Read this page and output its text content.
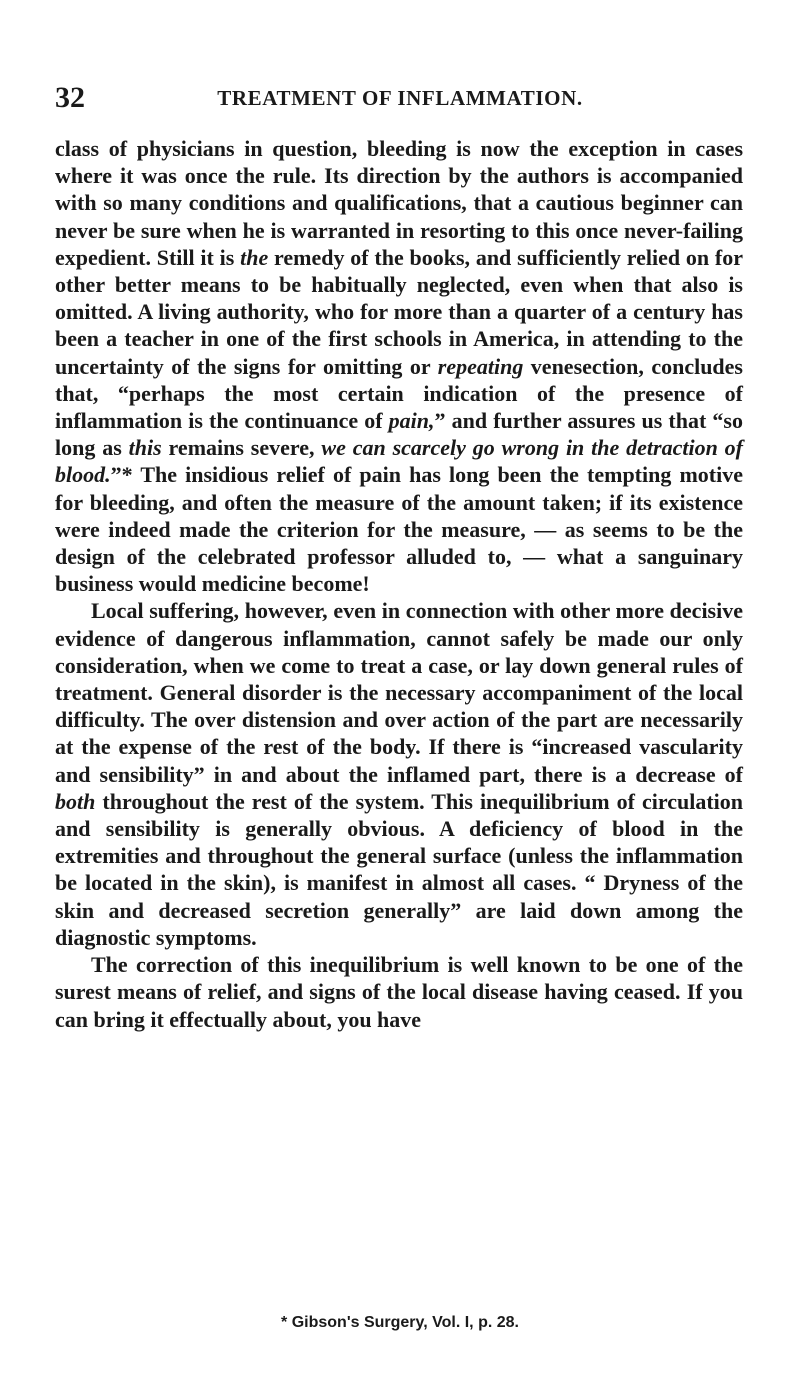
32	TREATMENT OF INFLAMMATION.

class of physicians in question, bleeding is now the exception in cases where it was once the rule. Its direction by the authors is accompanied with so many conditions and qualifications, that a cautious beginner can never be sure when he is warranted in resorting to this once never-failing expedient. Still it is the remedy of the books, and sufficiently relied on for other better means to be habitually neglected, even when that also is omitted. A living authority, who for more than a quarter of a century has been a teacher in one of the first schools in America, in attending to the uncertainty of the signs for omitting or repeating venesection, concludes that, “perhaps the most certain indication of the presence of inflammation is the continuance of pain,” and further assures us that “so long as this remains severe, we can scarcely go wrong in the detraction of blood.”* The insidious relief of pain has long been the tempting motive for bleeding, and often the measure of the amount taken; if its existence were indeed made the criterion for the measure, — as seems to be the design of the celebrated professor alluded to, — what a sanguinary business would medicine become!

Local suffering, however, even in connection with other more decisive evidence of dangerous inflammation, cannot safely be made our only consideration, when we come to treat a case, or lay down general rules of treatment. General disorder is the necessary accompaniment of the local difficulty. The over distension and over action of the part are necessarily at the expense of the rest of the body. If there is “increased vascularity and sensibility” in and about the inflamed part, there is a decrease of both throughout the rest of the system. This inequilibrium of circulation and sensibility is generally obvious. A deficiency of blood in the extremities and throughout the general surface (unless the inflammation be located in the skin), is manifest in almost all cases. “ Dryness of the skin and decreased secretion generally” are laid down among the diagnostic symptoms.

The correction of this inequilibrium is well known to be one of the surest means of relief, and signs of the local disease having ceased. If you can bring it effectually about, you have

* Gibson's Surgery, Vol. I, p. 28.
